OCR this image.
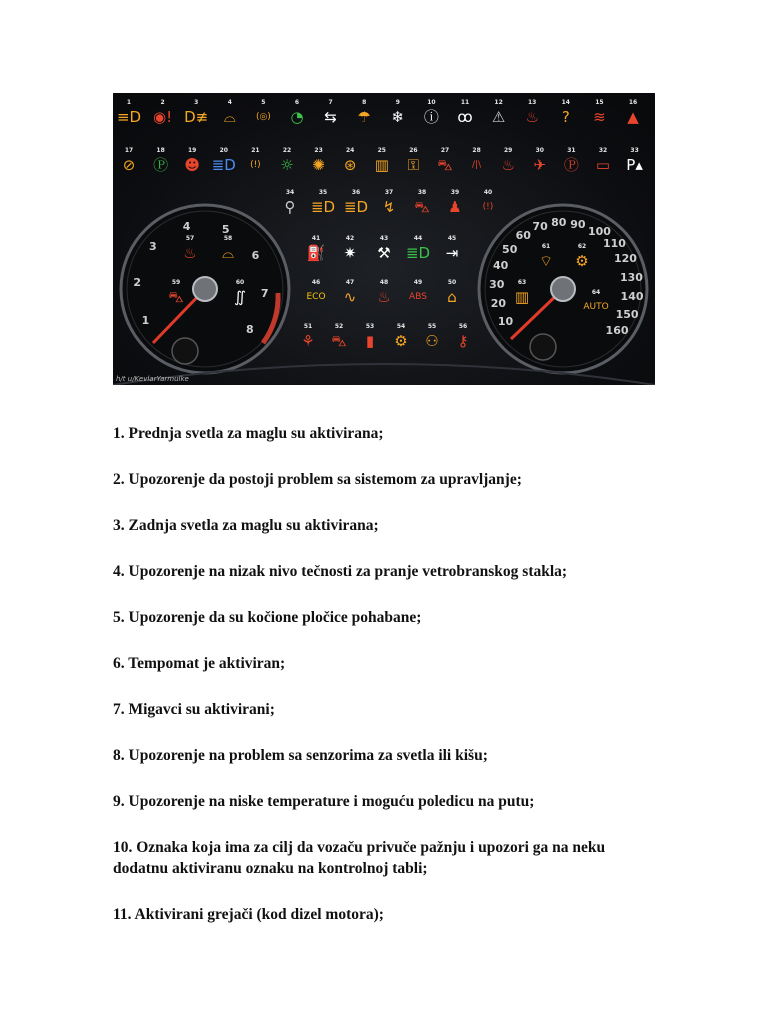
1
≡D
2
◉!
3
D≢
4
⌓
5
(◎)
6
◔
7
⇆
8
☂
9
❄
10
ⓘ
11
ꝏ
12
⚠
13
♨
14
?
15
≋
16
▲
17
⊘
18
Ⓟ
19
☻
20
≣D
21
(!)
22
☼
23
✺
24
⊛
25
▥
26
⚿
27
⛍
28
/|\
29
♨
30
✈
31
Ⓟ
32
▭
33
P▴
34
⚲
35
≣D
36
≣D
37
↯
38
⛍
39
♟
40
(!)
41
⛽
42
✷
43
⚒
44
≣D
45
⇥
46
ECO
47
∿
48
♨
49
ABS
50
⌂
51
⚘
52
⛍
53
▮
54
⚙
55
⚇
56
⚷
57
♨
58
⌓
59
⛍
60
∬
61
⌔
62
⚙
63
▥	64
AUTO
1
2
3
4	5
6
7
8
10
20
30
40
50
60
70 80 90
100
110
120
130
140
150
160
h/t u/KevlarYarmulke

1. Prednja svetla za maglu su aktivirana;

2. Upozorenje da postoji problem sa sistemom za upravljanje;

3. Zadnja svetla za maglu su aktivirana;

4. Upozorenje na nizak nivo tečnosti za pranje vetrobranskog stakla;

5. Upozorenje da su kočione pločice pohabane;

6. Tempomat je aktiviran;

7. Migavci su aktivirani;

8. Upozorenje na problem sa senzorima za svetla ili kišu;

9. Upozorenje na niske temperature i moguću poledicu na putu;

10. Oznaka koja ima za cilj da vozaču privuče pažnju i upozori ga na neku dodatnu aktiviranu oznaku na kontrolnoj tabli;

11. Aktivirani grejači (kod dizel motora);
